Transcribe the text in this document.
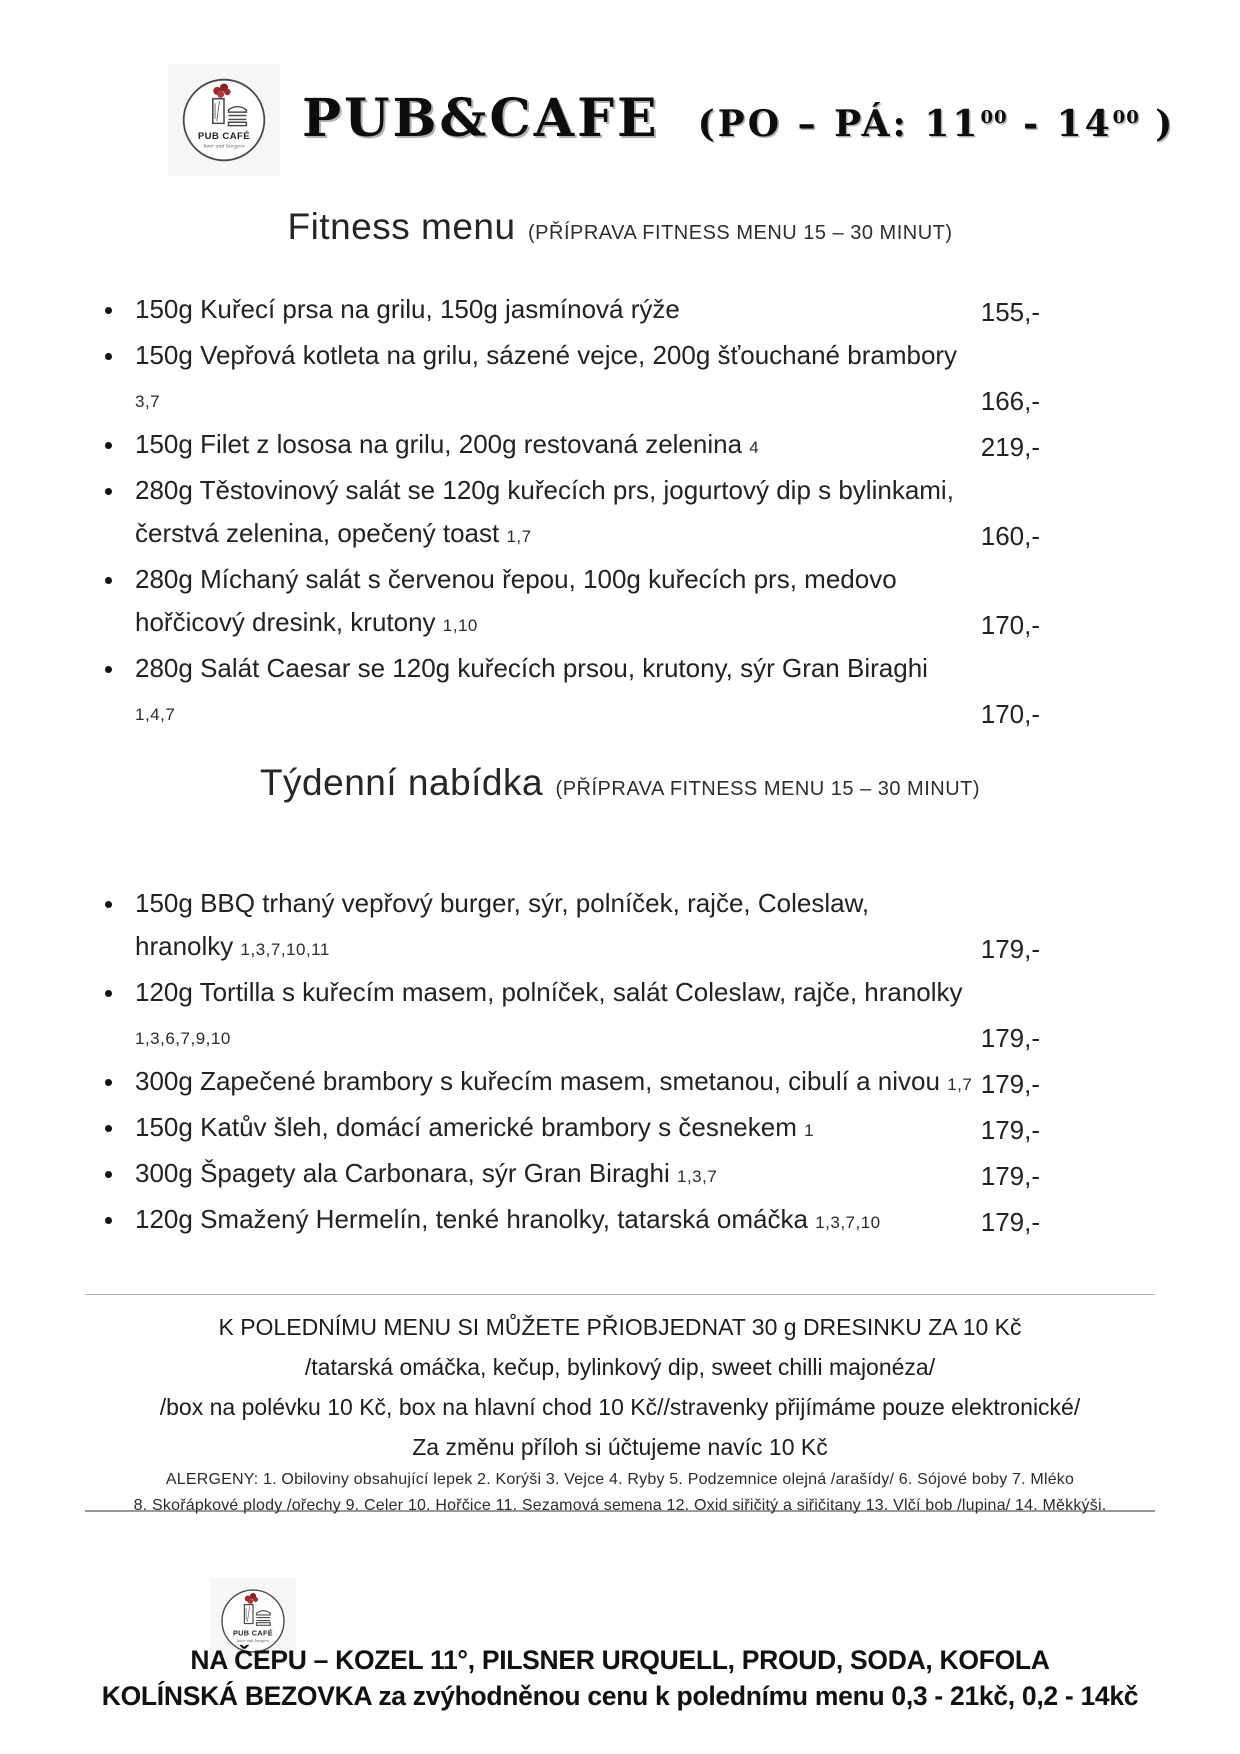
PUB CAFÉ
beer and burgers PUB&CAFE (PO – PÁ: $11^{00} - 14^{00}$ )
Fitness menu (PŘÍPRAVA FITNESS MENU 15 – 30 MINUT)
150g Kuřecí prsa na grilu, 150g jasmínová rýže	155,-
150g Vepřová kotleta na grilu, sázené vejce, 200g šťouchané brambory 3,7	166,-
150g Filet z lososa na grilu, 200g restovaná zelenina 4	219,-
280g Těstovinový salát se 120g kuřecích prs, jogurtový dip s bylinkami, čerstvá zelenina, opečený toast 1,7	160,-
280g Míchaný salát s červenou řepou, 100g kuřecích prs, medovo hořčicový dresink, krutony 1,10	170,-
280g Salát Caesar se 120g kuřecích prsou, krutony, sýr Gran Biraghi 1,4,7	170,-
Týdenní nabídka (PŘÍPRAVA FITNESS MENU 15 – 30 MINUT)
150g BBQ trhaný vepřový burger, sýr, polníček, rajče, Coleslaw, hranolky 1,3,7,10,11	179,-
120g Tortilla s kuřecím masem, polníček, salát Coleslaw, rajče, hranolky 1,3,6,7,9,10	179,-
300g Zapečené brambory s kuřecím masem, smetanou, cibulí a nivou 1,7 179,-
150g Katův šleh, domácí americké brambory s česnekem 1	179,-
300g Špagety ala Carbonara, sýr Gran Biraghi 1,3,7	179,-
120g Smažený Hermelín, tenké hranolky, tatarská omáčka 1,3,7,10	179,-
K POLEDNÍMU MENU SI MŮŽETE PŘIOBJEDNAT 30 g DRESINKU ZA 10 Kč
/tatarská omáčka, kečup, bylinkový dip, sweet chilli majonéza/
/box na polévku 10 Kč, box na hlavní chod 10 Kč//stravenky přijímáme pouze elektronické/
Za změnu příloh si účtujeme navíc 10 Kč
ALERGENY: 1. Obiloviny obsahující lepek 2. Korýši 3. Vejce 4. Ryby 5. Podzemnice olejná /arašídy/ 6. Sójové boby 7. Mléko
8. Skořápkové plody /ořechy 9. Celer 10. Hořčice 11. Sezamová semena 12. Oxid siřičitý a siřičitany 13. Vlčí bob /lupina/ 14. Měkkýši.
PUB CAFÉ
beer and burgers
NA ČEPU – KOZEL 11°, PILSNER URQUELL, PROUD, SODA, KOFOLA
KOLÍNSKÁ BEZOVKA za zvýhodněnou cenu k polednímu menu 0,3 - 21kč, 0,2 - 14kč
